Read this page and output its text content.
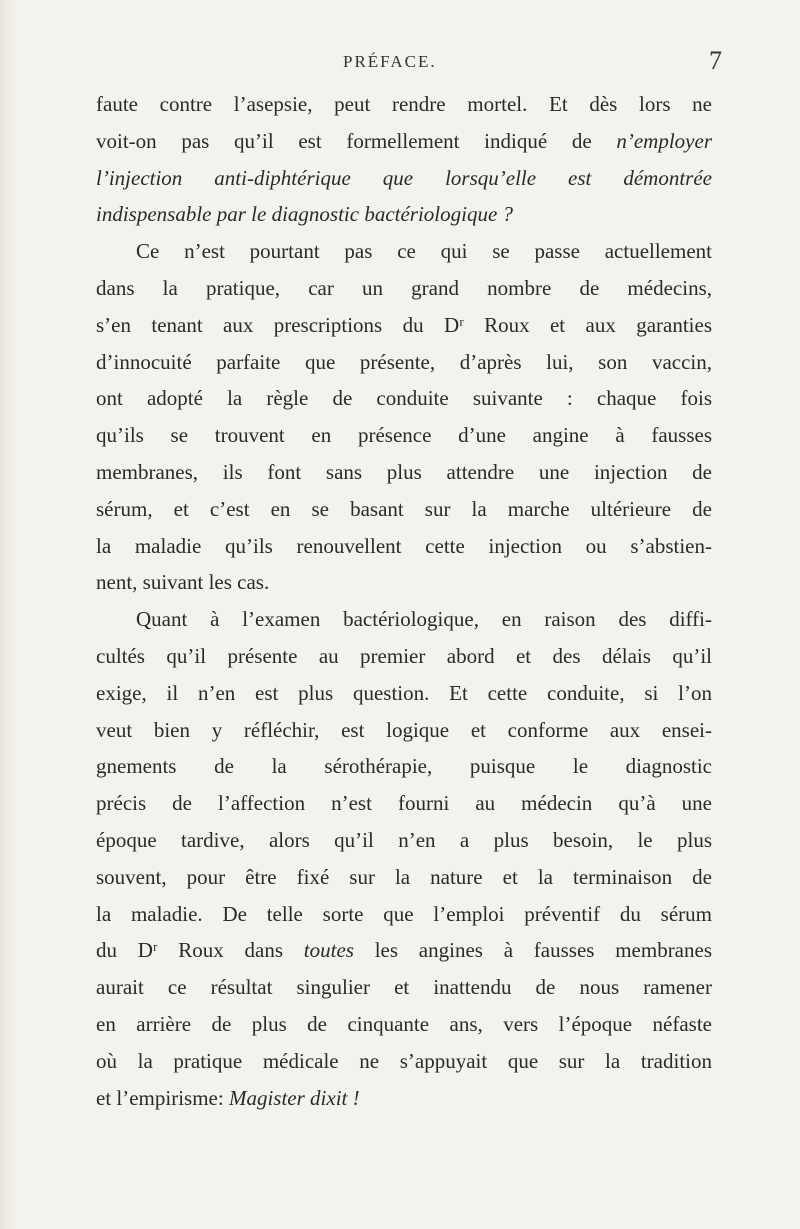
PRÉFACE.	7
faute contre l’asepsie, peut rendre mortel. Et dès lors ne
voit-on pas qu’il est formellement indiqué de n’employer
l’injection anti-diphtérique que lorsqu’elle est démontrée
indispensable par le diagnostic bactériologique ?
Ce n’est pourtant pas ce qui se passe actuellement
dans la pratique, car un grand nombre de médecins,
s’en tenant aux prescriptions du Dʳ Roux et aux garanties
d’innocuité parfaite que présente, d’après lui, son vaccin,
ont adopté la règle de conduite suivante : chaque fois
qu’ils se trouvent en présence d’une angine à fausses
membranes, ils font sans plus attendre une injection de
sérum, et c’est en se basant sur la marche ultérieure de
la maladie qu’ils renouvellent cette injection ou s’abstien-
nent, suivant les cas.
Quant à l’examen bactériologique, en raison des diffi-
cultés qu’il présente au premier abord et des délais qu’il
exige, il n’en est plus question. Et cette conduite, si l’on
veut bien y réfléchir, est logique et conforme aux ensei-
gnements de la sérothérapie, puisque le diagnostic
précis de l’affection n’est fourni au médecin qu’à une
époque tardive, alors qu’il n’en a plus besoin, le plus
souvent, pour être fixé sur la nature et la terminaison de
la maladie. De telle sorte que l’emploi préventif du sérum
du Dʳ Roux dans toutes les angines à fausses membranes
aurait ce résultat singulier et inattendu de nous ramener
en arrière de plus de cinquante ans, vers l’époque néfaste
où la pratique médicale ne s’appuyait que sur la tradition
et l’empirisme: Magister dixit !
